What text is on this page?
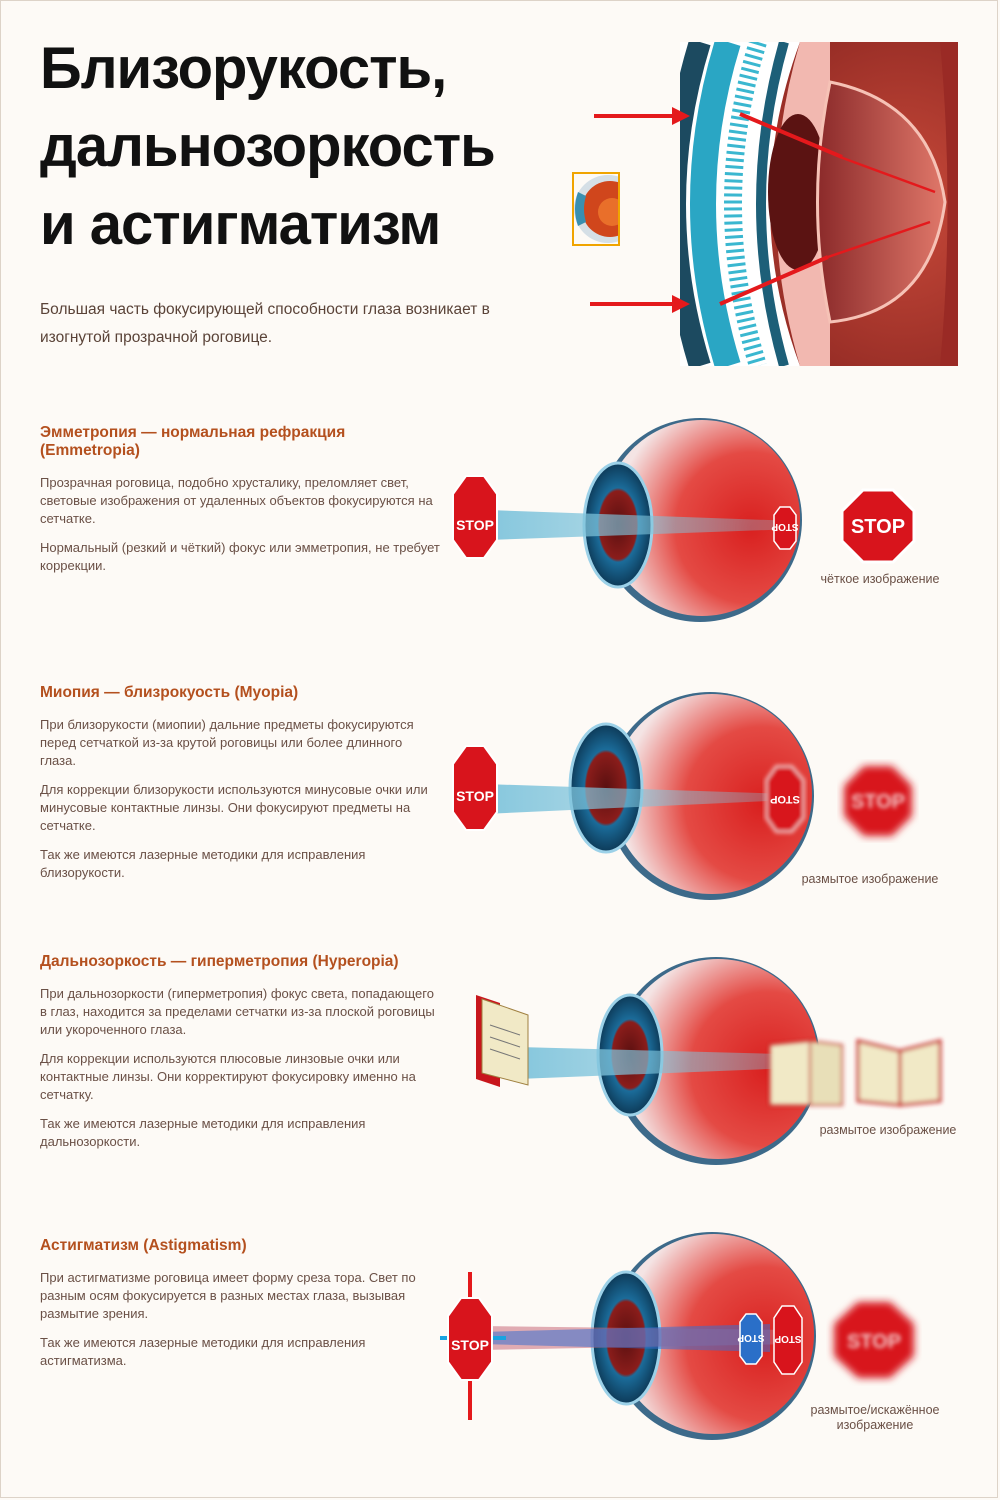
Близорукость,
дальнозоркость
и астигматизм

Большая часть фокусирующей способности глаза возникает в изогнутой прозрачной роговице.

Эмметропия — нормальная рефракция (Emmetropia)

Прозрачная роговица, подобно хрусталику, преломляет свет, световые изображения от удаленных объектов фокусируются на сетчатке.

Нормальный (резкий и чёткий) фокус или эмметропия, не требует коррекции.

STOP	STOP	STOP
чёткое изображение
Миопия — близрокуость (Myopia)

При близорукости (миопии) дальние предметы фокусируются перед сетчаткой из-за крутой роговицы или более длинного глаза.

Для коррекции близорукости используются минусовые очки или минусовые контактные линзы. Они фокусируют предметы на сетчатке.

Так же имеются лазерные методики для исправления близорукости.

STOP	STOP	STOP
размытое изображение
Дальнозоркость — гиперметропия (Hyperopia)

При дальнозоркости (гиперметропия) фокус света, попадающего в глаз, находится за пределами сетчатки из-за плоской роговицы или укороченного глаза.

Для коррекции используются плюсовые линзовые очки или контактные линзы. Они корректируют фокусировку именно на сетчатку.

Так же имеются лазерные методики для исправления дальнозоркости.

размытое изображение
Астигматизм (Astigmatism)

При астигматизме роговица имеет форму среза тора. Свет по разным осям фокусируется в разных местах глаза, вызывая размытие зрения.

Так же имеются лазерные методики для исправления астигматизма.

STOP	STOP STOP STOP
размытое/искажённое
изображение
